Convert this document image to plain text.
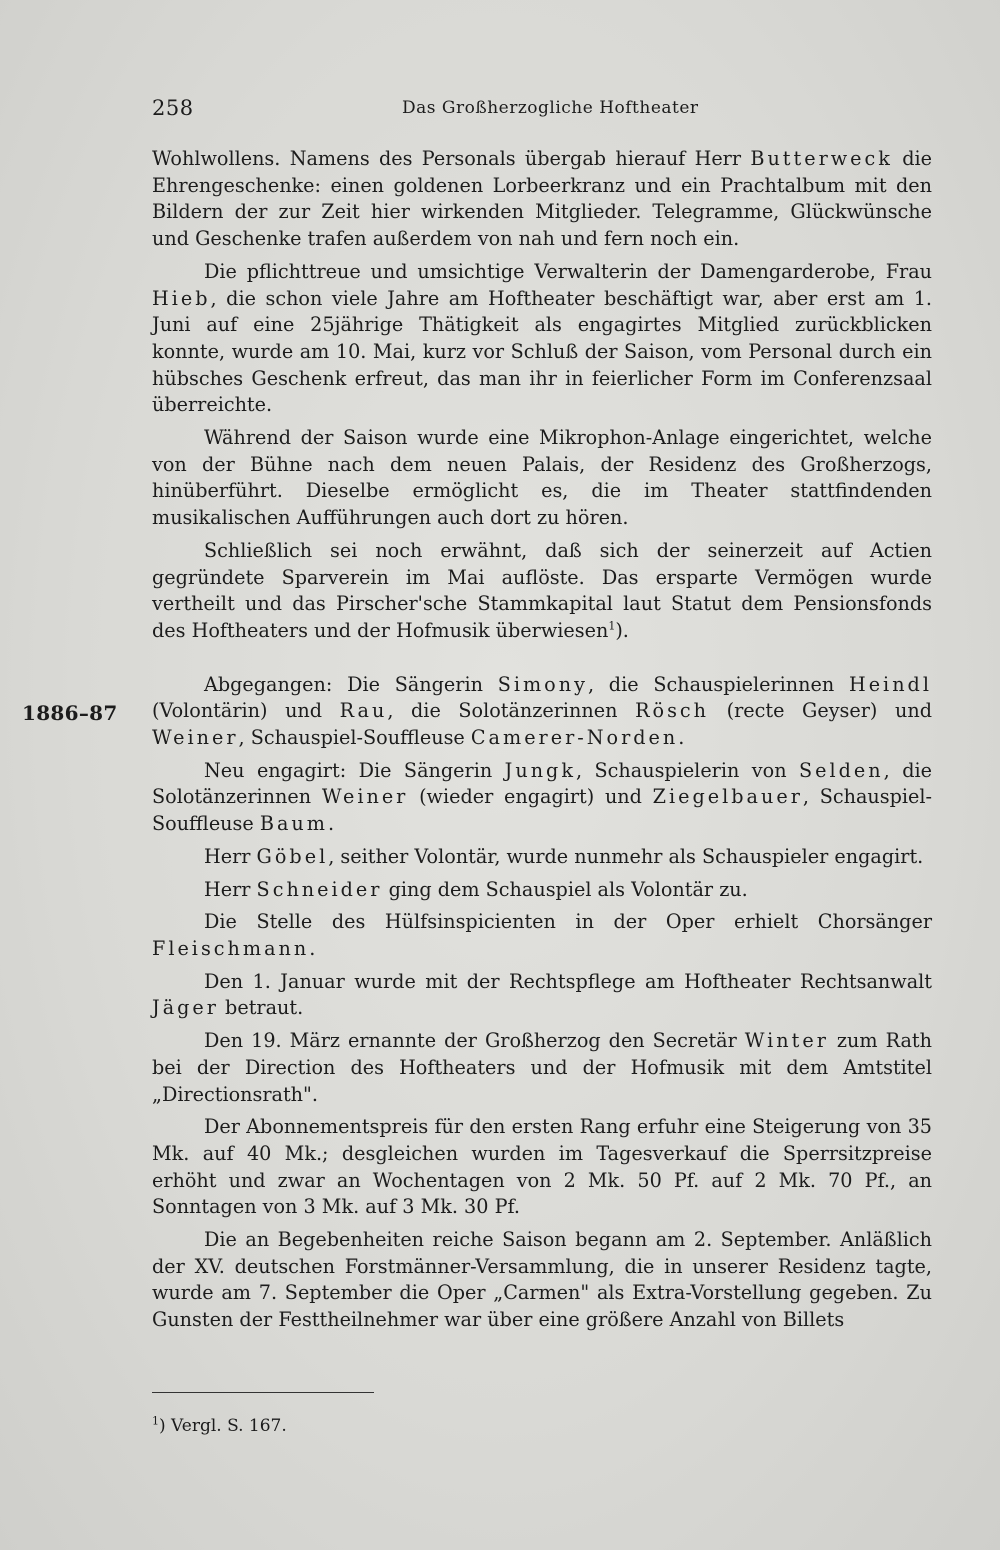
258	Das Großherzogliche Hoftheater
1886–87

Wohlwollens. Namens des Personals übergab hierauf Herr Butterweck die Ehrengeschenke: einen goldenen Lorbeerkranz und ein Prachtalbum mit den Bildern der zur Zeit hier wirkenden Mitglieder. Telegramme, Glückwünsche und Geschenke trafen außerdem von nah und fern noch ein.

Die pflichttreue und umsichtige Verwalterin der Damengarderobe, Frau Hieb, die schon viele Jahre am Hoftheater beschäftigt war, aber erst am 1. Juni auf eine 25jährige Thätigkeit als engagirtes Mitglied zurückblicken konnte, wurde am 10. Mai, kurz vor Schluß der Saison, vom Personal durch ein hübsches Geschenk erfreut, das man ihr in feierlicher Form im Conferenzsaal überreichte.

Während der Saison wurde eine Mikrophon-Anlage eingerichtet, welche von der Bühne nach dem neuen Palais, der Residenz des Großherzogs, hinüberführt. Dieselbe ermöglicht es, die im Theater stattfindenden musikalischen Aufführungen auch dort zu hören.

Schließlich sei noch erwähnt, daß sich der seinerzeit auf Actien gegründete Sparverein im Mai auflöste. Das ersparte Vermögen wurde vertheilt und das Pirscher'sche Stammkapital laut Statut dem Pensionsfonds des Hoftheaters und der Hofmusik überwiesen$^1$).

Abgegangen: Die Sängerin Simony, die Schauspielerinnen Heindl (Volontärin) und Rau, die Solotänzerinnen Rösch (recte Geyser) und Weiner, Schauspiel-Souffleuse Camerer-Norden.

Neu engagirt: Die Sängerin Jungk, Schauspielerin von Selden, die Solotänzerinnen Weiner (wieder engagirt) und Ziegelbauer, Schauspiel-Souffleuse Baum.

Herr Göbel, seither Volontär, wurde nunmehr als Schauspieler engagirt.

Herr Schneider ging dem Schauspiel als Volontär zu.

Die Stelle des Hülfsinspicienten in der Oper erhielt Chorsänger Fleischmann.

Den 1. Januar wurde mit der Rechtspflege am Hoftheater Rechtsanwalt Jäger betraut.

Den 19. März ernannte der Großherzog den Secretär Winter zum Rath bei der Direction des Hoftheaters und der Hofmusik mit dem Amtstitel „Directionsrath".

Der Abonnementspreis für den ersten Rang erfuhr eine Steigerung von 35 Mk. auf 40 Mk.; desgleichen wurden im Tagesverkauf die Sperrsitzpreise erhöht und zwar an Wochentagen von 2 Mk. 50 Pf. auf 2 Mk. 70 Pf., an Sonntagen von 3 Mk. auf 3 Mk. 30 Pf.

Die an Begebenheiten reiche Saison begann am 2. September. Anläßlich der XV. deutschen Forstmänner-Versammlung, die in unserer Residenz tagte, wurde am 7. September die Oper „Carmen" als Extra-Vorstellung gegeben. Zu Gunsten der Festtheilnehmer war über eine größere Anzahl von Billets

$^1$) Vergl. S. 167.
